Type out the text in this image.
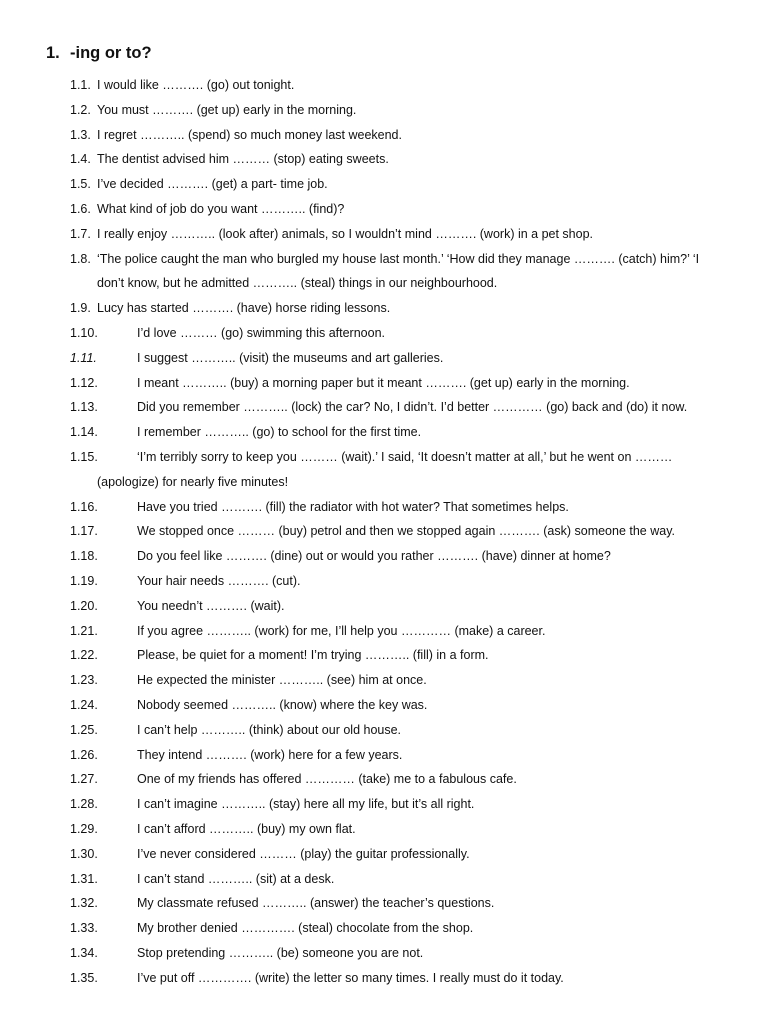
1. -ing or to?
1.1. I would like ………. (go) out tonight.
1.2. You must ………. (get up) early in the morning.
1.3. I regret ……….. (spend) so much money last weekend.
1.4. The dentist advised him ……… (stop) eating sweets.
1.5. I’ve decided ………. (get) a part- time job.
1.6. What kind of job do you want ……….. (find)?
1.7. I really enjoy ……….. (look after) animals, so I wouldn’t mind ………. (work) in a pet shop.
1.8. ‘The police caught the man who burgled my house last month.’ ‘How did they manage ………. (catch) him?’ ‘I
don’t know, but he admitted ……….. (steal) things in our neighbourhood.
1.9. Lucy has started ………. (have) horse riding lessons.
1.10.	I’d love ……… (go) swimming this afternoon.
1.11.	I suggest ……….. (visit) the museums and art galleries.
1.12.	I meant ……….. (buy) a morning paper but it meant ………. (get up) early in the morning.
1.13.	Did you remember ……….. (lock) the car? No, I didn’t. I’d better ………… (go) back and (do) it now.
1.14.	I remember ……….. (go) to school for the first time.
1.15.	‘I’m terribly sorry to keep you ……… (wait).’ I said, ‘It doesn’t matter at all,’ but he went on ………
(apologize) for nearly five minutes!
1.16.	Have you tried ………. (fill) the radiator with hot water? That sometimes helps.
1.17.	We stopped once ……… (buy) petrol and then we stopped again ………. (ask) someone the way.
1.18.	Do you feel like ………. (dine) out or would you rather ………. (have) dinner at home?
1.19.	Your hair needs ………. (cut).
1.20.	You needn’t ………. (wait).
1.21.	If you agree ……….. (work) for me, I’ll help you ………… (make) a career.
1.22.	Please, be quiet for a moment! I’m trying ……….. (fill) in a form.
1.23.	He expected the minister ……….. (see) him at once.
1.24.	Nobody seemed ……….. (know) where the key was.
1.25.	I can’t help ……….. (think) about our old house.
1.26.	They intend ………. (work) here for a few years.
1.27.	One of my friends has offered ………… (take) me to a fabulous cafe.
1.28.	I can’t imagine ……….. (stay) here all my life, but it’s all right.
1.29.	I can’t afford ……….. (buy) my own flat.
1.30.	I’ve never considered ……… (play) the guitar professionally.
1.31.	I can’t stand ……….. (sit) at a desk.
1.32.	My classmate refused ……….. (answer) the teacher’s questions.
1.33.	My brother denied …………. (steal) chocolate from the shop.
1.34.	Stop pretending ……….. (be) someone you are not.
1.35.	I’ve put off …………. (write) the letter so many times. I really must do it today.
